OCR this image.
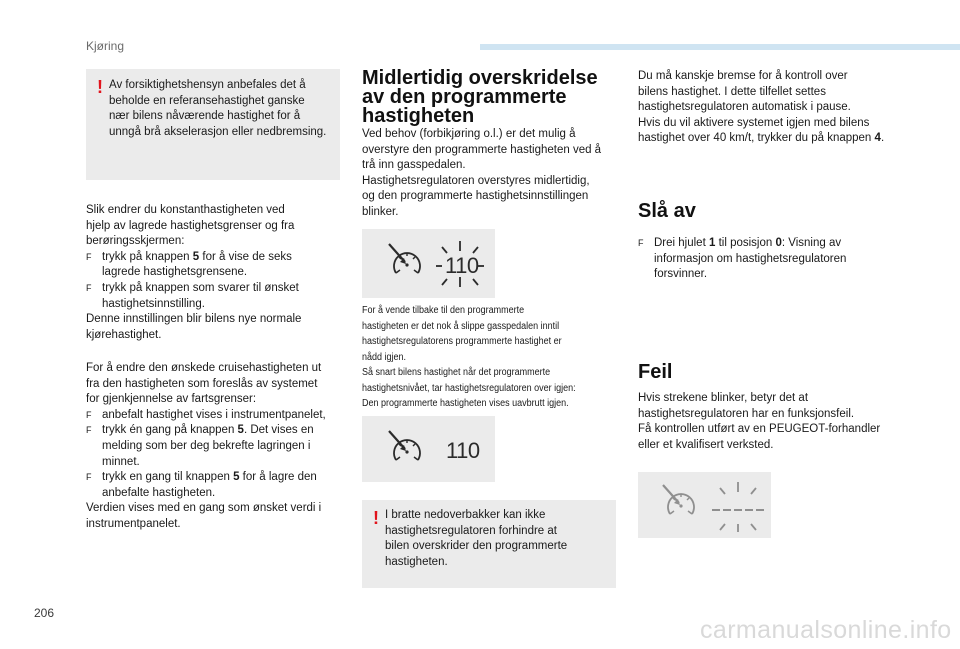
Kjøring
! Av forsiktighetshensyn anbefales det å
beholde en referansehastighet ganske
nær bilens nåværende hastighet for å
unngå brå akselerasjon eller nedbremsing.
Slik endrer du konstanthastigheten ved
hjelp av lagrede hastighetsgrenser og fra
berøringsskjermen:
F trykk på knappen 5 for å vise de seks
lagrede hastighetsgrensene.
F trykk på knappen som svarer til ønsket
hastighetsinnstilling.
Denne innstillingen blir bilens nye normale
kjørehastighet.
For å endre den ønskede cruisehastigheten ut
fra den hastigheten som foreslås av systemet
for gjenkjennelse av fartsgrenser:
F anbefalt hastighet vises i instrumentpanelet,
F trykk én gang på knappen 5. Det vises en
melding som ber deg bekrefte lagringen i
minnet.
F trykk en gang til knappen 5 for å lagre den
anbefalte hastigheten.
Verdien vises med en gang som ønsket verdi i
instrumentpanelet.
Midlertidig overskridelse
av den programmerte
hastigheten
Ved behov (forbikjøring o.l.) er det mulig å
overstyre den programmerte hastigheten ved å
trå inn gasspedalen.
Hastighetsregulatoren overstyres midlertidig,
og den programmerte hastighetsinnstillingen
blinker.
110
For å vende tilbake til den programmerte
hastigheten er det nok å slippe gasspedalen inntil
hastighetsregulatorens programmerte hastighet er
nådd igjen.
Så snart bilens hastighet når det programmerte
hastighetsnivået, tar hastighetsregulatoren over igjen:
Den programmerte hastigheten vises uavbrutt igjen.
110
! I bratte nedoverbakker kan ikke
hastighetsregulatoren forhindre at
bilen overskrider den programmerte
hastigheten.
Du må kanskje bremse for å kontroll over
bilens hastighet. I dette tilfellet settes
hastighetsregulatoren automatisk i pause.
Hvis du vil aktivere systemet igjen med bilens
hastighet over 40 km/t, trykker du på knappen 4.
Slå av
F Drei hjulet 1 til posisjon 0: Visning av
informasjon om hastighetsregulatoren
forsvinner.
Feil
Hvis strekene blinker, betyr det at
hastighetsregulatoren har en funksjonsfeil.
Få kontrollen utført av en PEUGEOT-forhandler
eller et kvalifisert verksted.
206
carmanualsonline.info
